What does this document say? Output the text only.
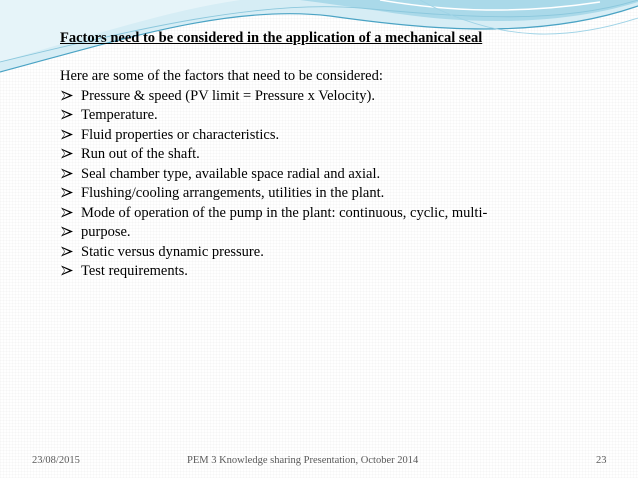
Factors need to be considered in the application of a mechanical seal

Here are some of the factors that need to be considered:

Pressure & speed (PV limit = Pressure x Velocity).
Temperature.
Fluid properties or characteristics.
Run out of the shaft.
Seal chamber type, available space radial and axial.
Flushing/cooling arrangements, utilities in the plant.
Mode of operation of the pump in the plant: continuous, cyclic, multi-
purpose.
Static versus dynamic pressure.
Test requirements.
23/08/2015	PEM 3 Knowledge sharing Presentation, October 2014	23
